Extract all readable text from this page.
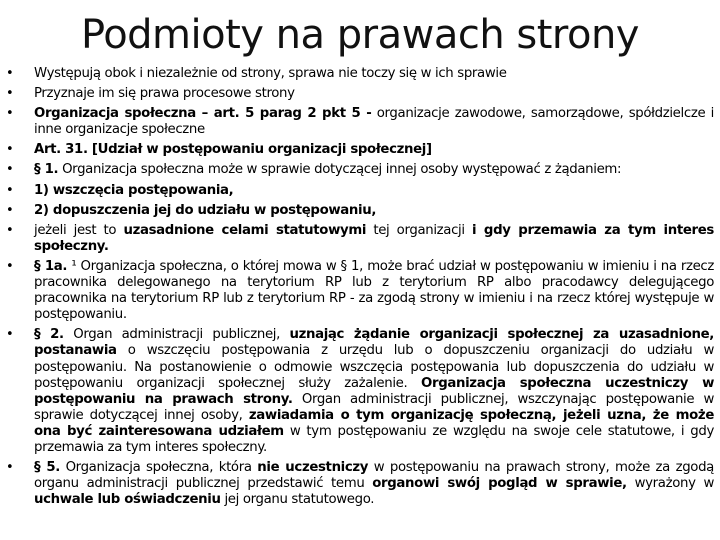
Podmioty na prawach strony
•	Występują obok i niezależnie od strony, sprawa nie toczy się w ich sprawie
•	Przyznaje im się prawa procesowe strony
•	Organizacja społeczna – art. 5 parag 2 pkt 5 - organizacje zawodowe, samorządowe, spółdzielcze i inne organizacje społeczne
•	Art. 31. [Udział w postępowaniu organizacji społecznej]
•	§ 1. Organizacja społeczna może w sprawie dotyczącej innej osoby występować z żądaniem:
•	1) wszczęcia postępowania,
•	2) dopuszczenia jej do udziału w postępowaniu,
•	jeżeli jest to uzasadnione celami statutowymi tej organizacji i gdy przemawia za tym interes społeczny.
•	§ 1a. ¹ Organizacja społeczna, o której mowa w § 1, może brać udział w postępowaniu w imieniu i na rzecz pracownika delegowanego na terytorium RP lub z terytorium RP albo pracodawcy delegującego pracownika na terytorium RP lub z terytorium RP - za zgodą strony w imieniu i na rzecz której występuje w postępowaniu.
•	§ 2. Organ administracji publicznej, uznając żądanie organizacji społecznej za uzasadnione, postanawia o wszczęciu postępowania z urzędu lub o dopuszczeniu organizacji do udziału w postępowaniu. Na postanowienie o odmowie wszczęcia postępowania lub dopuszczenia do udziału w postępowaniu organizacji społecznej służy zażalenie. Organizacja społeczna uczestniczy w postępowaniu na prawach strony. Organ administracji publicznej, wszczynając postępowanie w sprawie dotyczącej innej osoby, zawiadamia o tym organizację społeczną, jeżeli uzna, że może ona być zainteresowana udziałem w tym postępowaniu ze względu na swoje cele statutowe, i gdy przemawia za tym interes społeczny.
•	§ 5. Organizacja społeczna, która nie uczestniczy w postępowaniu na prawach strony, może za zgodą organu administracji publicznej przedstawić temu organowi swój pogląd w sprawie, wyrażony w uchwale lub oświadczeniu jej organu statutowego.
